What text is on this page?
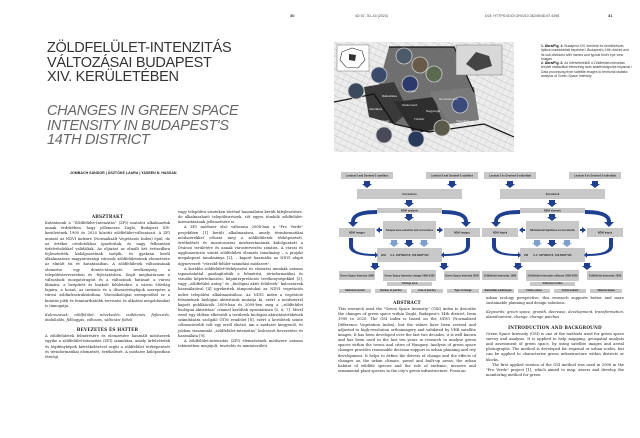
30
ZÖLDFELÜLET-INTENZITÁS
VÁLTOZÁSAI BUDAPEST
XIV. KERÜLETÉBEN
CHANGES IN GREEN SPACE
INTENSITY IN BUDAPEST'S
14TH DISTRICT
JOMBACH SÁNDOR | ÜSZTÖKE LAURA | YASEEN N. HASSAN
ABSZTRAKT

Kutatásunk a "Zöldfelület-Intenzitás" (ZFI) mutatót alkalmaztuk annak érdekében, hogy jellemezze Zugló, Budapest XIV. kerületének 1990 és 2020 közötti zöldfelület-változásait. A ZFI mutató az NDVI indexre (Normalizált Vegetációs Index) épül, de az értékei ortofotókhoz igazítottak, és nagy felbontású űrfelvételekkel validáltak. Az eljárást az elmúlt két évtizedben fejlesztették, kidolgozottnak tartják, és gyakran kerül alkalmazásra magyarországi városok zöldfelületeinek elemzésére az elmúlt tíz év kutatásaiban. A zöldfelületek változásának elemzése egy döntés-támogató tevékenység a településtervezésben és -fejlesztésben. Segít meghatározni a változások mozgatórugóit és a változások hatásait a városi klímára, a beépített és burkolt felületekre, a városi élővilág fajaira, a hozzá, az inváziós és a díszszövényfajok szerepére a városi zöldinfrastruktúrában. Városökológiai szempontból ez a kutatás jobb és fenntarthatóbb tervezési és alkotási megoldásokat is támogatja.

Kulcsszavak: zöldfelület, növekedés, csökkenés, fejlesztés, átalakulás, felhagyás, változás, változási foltok

BEVEZETÉS ÉS HÁTTÉR

A zöldfelületek felmérésére és elemzésére használt módszerek egyike a zöldfelület-intenzitás (ZFI) számítása, amely űrfelvételek és légifényképek kiértékelésével segíti a zöldfelület térképezését és térinformatikai elemzését, értékelését. A módszer külöpontban térségi

vagy települési szinteken történő használatra került kifejlesztésre, de alkalmazható településrészek, sőt egyes tömbök zöldfelület-intenzitásának jellemzésére is.

A ZFI módszer első változata 2008-ban a "Pro Verde" projektben [1] került alkalmazásra, amely térinformatikai módszerekkel célozta meg a zöldfelületek térképezését, értékelését és monitorozási módszertanának kidolgozását a Dvárosi területére és annak várostervezési zónáira. A városi és agglomerációs szintű zöldfelületi elemzés tanulmány – a projekt megalapozó tanulmánya [2], – kapott használta az NDVI alapú úgynevezett "vörzöld-felület-számítási módszert".

A korábbi zöldfelület-térképezési és elemzési munkák számos tapasztalattal gazdagították a felmérési, térinformatikai és vizuális képértelmezési, képinterpretációs tevékenységekkel [3], vagy „zöldfelület arány” és „biológiai aktív felületek” kulcsszavak használatával [4] igyekeztek támpontokat az NDVI vegetációs index települési alkalmazásához. Az NDVI index a vegetáció felszínének biológiai aktivitását mutatja ki, ezért a módszerrel kapott publikációk 2008-ban és 2009-ben meg a „zöldfelület biológiai aktivitása” címmel kerültek nyomtatásra [5, 6, 7]. Mivel ezzel egy időben elkészült a területek biológiai aktivitásértékének számítására szolgáló ÖTM rendelet [8], ezért a kerületek szinte célmentesebb volt egy erről elnéző, ám a módszer kiegyenlő, és jobban visszamaló „zöldfelület-intenzitás” kulcsszót bevezetése és használata [9].

A zöldfelület-intenzitás (ZFI) elemzésének módszere számos tekintetben megújult, tesztelés és mintaterületi

31
4D 67, 30–43 (2023)	DOI: HTTPS://DOI.ORG/10.36249/4D.67.4398
Rákosfalva
Herminamező
Istvánmező
Alsórákos
Kiszugló	Törökőr
Nagyzugló
Városliget
Zugló

1. Ábra/Fig. 1: Budapest XIV. kerülete és kerületrészei, tipikus madártávlati képekkel / Budapest's 14th district and its sub-divisions with names and typical bird's eye view images

2. Ábra/Fig. 2: Az űrfelvételektől a Zöldfelület-intenzitás területi statisztikai elemzésig tartó adatfeldolgozás folyamat / Data processing from satellite images to territorial statistic analysis of Green Space Intensity

Landsat 5 and Sentinel-2 satellites	Landsat 8 and Sentinel-2 satellites
Corrections
NDVI analysis
NDVI images	NDVI images
Sample area selection and corrections
0-1: 100*NDVI<0; 100-NDVI*100
GSI
Green Space Intensity 1990	Green Space Intensity change 1990-2020	Green Space Intensity 2020
Landsat 5 és Sentinel-2 műholdak	Landsat 8 és Sentinel-2 műholdak
Korrekciók
NDVI elemzés
NDVI képek	NDVI képek
Mintaterület kijelölése és korrekciók
0-1: 100*NDVI<0; 100-NDVI*100
ZFI
Zöldfelület-intenzitás 1990	Zöldfelület-intenzitás változás 1990-2020	Zöldfelület-intenzitás 2020
ABSTRACT

This research used the "Green Space Intensity" (GSI) index to describe the changes of green space within Zugló, Budapest's 14th district, from 1990 to 2020. The GSI index is based on the NDVI (Normalized Difference Vegetation Index), but the values have been revised and adjusted to high-resolution orthoimagery and validated by VHR satellite images. It has been developed over the last two decades, it is well known and has been used in the last ten years in research to analyse green spaces within the towns and cities of Hungary. Analysis of green space changes provides reasonable decision-support in urban planning and city development. It helps to define the drivers of change and the effects of changes on the urban climate, paved and built-up areas, the urban habitat of wildlife species and the role of endemic, invasive and ornamental plant species in the city's green infrastructure. From an

urban ecology perspective, this research supports better and more sustainable planning and design solutions.

Keywords: green space, growth, decrease, development, transformation, abandonment, change, change patches

INTRODUCTION AND BACKGROUND

Green Space Intensity (GSI) is one of the methods used for green space survey and analysis. It is applied to help mapping, geospatial analysis and assessment of green space, by using satellite images and aerial photographs. The method is developed for regional or urban scales, but can be applied to characterise green infrastructure within districts or blocks.

The first applied version of the GSI method was used in 2008 in the "Pro Verde" project [1], which aimed to map, assess and develop the monitoring method for green

Change area
Statistical results	Number of patches	Area of patches	Type of change
Változási terület
Statisztikai eredmények	Foltok száma	Foltok területe	Változás típusa
